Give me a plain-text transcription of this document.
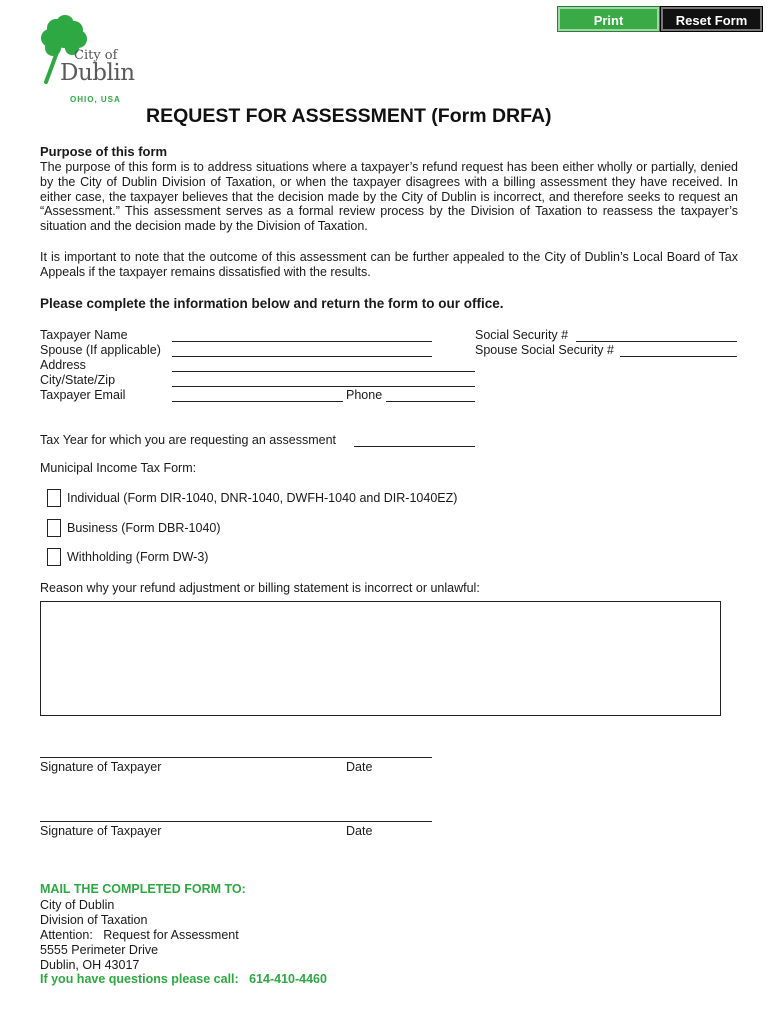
Print	Reset Form
City of
Dublin
OHIO, USA
REQUEST FOR ASSESSMENT (Form DRFA)
Purpose of this form
The purpose of this form is to address situations where a taxpayer’s refund request has been either wholly or partially, denied by the City of Dublin Division of Taxation, or when the taxpayer disagrees with a billing assessment they have received. In either case, the taxpayer believes that the decision made by the City of Dublin is incorrect, and therefore seeks to request an “Assessment.” This assessment serves as a formal review process by the Division of Taxation to reassess the taxpayer’s situation and the decision made by the Division of Taxation.
It is important to note that the outcome of this assessment can be further appealed to the City of Dublin’s Local Board of Tax Appeals if the taxpayer remains dissatisfied with the results.
Please complete the information below and return the form to our office.
Taxpayer Name
Spouse (If applicable)
Address
City/State/Zip
Taxpayer Email	Phone
Social Security #
Spouse Social Security #
Tax Year for which you are requesting an assessment
Municipal Income Tax Form:
Individual (Form DIR-1040, DNR-1040, DWFH-1040 and DIR-1040EZ)
Business (Form DBR-1040)
Withholding (Form DW-3)
Reason why your refund adjustment or billing statement is incorrect or unlawful:
Signature of Taxpayer	Date
Signature of Taxpayer	Date
MAIL THE COMPLETED FORM TO:
City of Dublin
Division of Taxation
Attention:   Request for Assessment
5555 Perimeter Drive
Dublin, OH 43017
If you have questions please call:   614-410-4460
